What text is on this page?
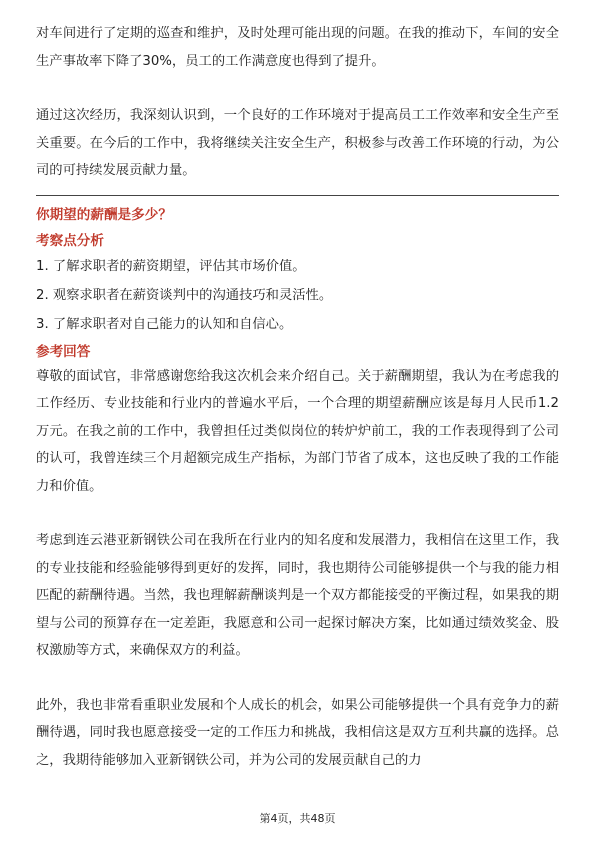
对车间进行了定期的巡查和维护，及时处理可能出现的问题。在我的推动下，车间的安全生产事故率下降了30%，员工的工作满意度也得到了提升。

通过这次经历，我深刻认识到，一个良好的工作环境对于提高员工工作效率和安全生产至关重要。在今后的工作中，我将继续关注安全生产，积极参与改善工作环境的行动，为公司的可持续发展贡献力量。

你期望的薪酬是多少？

考察点分析

1. 了解求职者的薪资期望，评估其市场价值。

2. 观察求职者在薪资谈判中的沟通技巧和灵活性。

3. 了解求职者对自己能力的认知和自信心。

参考回答

尊敬的面试官，非常感谢您给我这次机会来介绍自己。关于薪酬期望，我认为在考虑我的工作经历、专业技能和行业内的普遍水平后，一个合理的期望薪酬应该是每月人民币1.2万元。在我之前的工作中，我曾担任过类似岗位的转炉炉前工，我的工作表现得到了公司的认可，我曾连续三个月超额完成生产指标，为部门节省了成本，这也反映了我的工作能力和价值。

考虑到连云港亚新钢铁公司在我所在行业内的知名度和发展潜力，我相信在这里工作，我的专业技能和经验能够得到更好的发挥，同时，我也期待公司能够提供一个与我的能力相匹配的薪酬待遇。当然，我也理解薪酬谈判是一个双方都能接受的平衡过程，如果我的期望与公司的预算存在一定差距，我愿意和公司一起探讨解决方案，比如通过绩效奖金、股权激励等方式，来确保双方的利益。

此外，我也非常看重职业发展和个人成长的机会，如果公司能够提供一个具有竞争力的薪酬待遇，同时我也愿意接受一定的工作压力和挑战，我相信这是双方互利共赢的选择。总之，我期待能够加入亚新钢铁公司，并为公司的发展贡献自己的力

第4页，共48页
